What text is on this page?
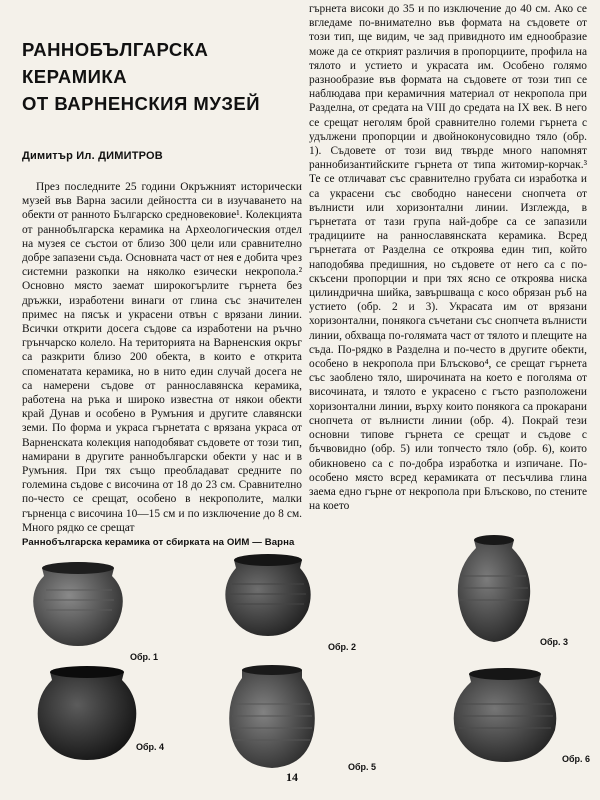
РАННОБЪЛГАРСКА
КЕРАМИКА
ОТ ВАРНЕНСКИЯ МУЗЕЙ
Димитър Ил. ДИМИТРОВ

През последните 25 години Окръжният исторически музей във Варна засили дейността си в изучаването на обекти от ранното Българско средновековие¹. Колекцията от раннобългарска керамика на Археологическия отдел на музея се състои от близо 300 цели или сравнително добре запазени съда. Основната част от нея е добита чрез системни разкопки на няколко езически некропола.² Основно място заемат широкогърлите гърнета без дръжки, изработени винаги от глина със значителен примес на пясък и украсени отвън с врязани линии. Всички открити досега съдове са изработени на ръчно грънчарско колело. На територията на Варненския окръг са разкрити близо 200 обекта, в които е открита споменатата керамика, но в нито един случай досега не са намерени съдове от раннославянска керамика, работена на ръка и широко известна от някои обекти край Дунав и особено в Румъния и другите славянски земи. По форма и украса гърнетата с врязана украса от Варненската колекция наподобяват съдовете от този тип, намирани в другите раннобългарски обекти у нас и в Румъния. При тях също преобладават средните по големина съдове с височина от 18 до 23 см. Сравнително по-често се срещат, особено в некрополите, малки гърненца с височина 10—15 см и по изключение до 8 см. Много рядко се срещат

гърнета високи до 35 и по изключение до 40 см. Ако се вгледаме по-внимателно във формата на съдовете от този тип, ще видим, че зад привидното им еднообразие може да се открият различия в пропорциите, профила на тялото и устието и украсата им. Особено голямо разнообразие във формата на съдовете от този тип се наблюдава при керамичния материал от некропола при Разделна, от средата на VIII до средата на IX век. В него се срещат неголям брой сравнително големи гърнета с удължени пропорции и двойноконусовидно тяло (обр. 1). Съдовете от този вид твърде много напомнят раннобизантийските гърнета от типа житомир-корчак.³ Те се отличават със сравнително грубата си изработка и са украсени със свободно нанесени снопчета от вълнисти или хоризонтални линии. Изглежда, в гърнетата от тази група най-добре са се запазили традициите на раннославянската керамика. Всред гърнетата от Разделна се откроява един тип, който наподобява предишния, но съдовете от него са с по-скъсени пропорции и при тях ясно се откроява ниска цилиндрична шийка, завършваща с косо обрязан ръб на устието (обр. 2 и 3). Украсата им от врязани хоризонтални, понякога съчетани със снопчета вълнисти линии, обхваща по-голямата част от тялото и плещите на съда. По-рядко в Разделна и по-често в другите обекти, особено в некропола при Блъсково⁴, се срещат гърнета със заоблено тяло, широчината на което е поголяма от височината, и тялото е украсено с гъсто разположени хоризонтални линии, върху които понякога са прокарани снопчета от вълнисти линии (обр. 4). Покрай тези основни типове гърнета се срещат и съдове с бъчвовидно (обр. 5) или топчесто тяло (обр. 6), които обикновено са с по-добра изработка и изпичане. По-особено място всред керамиката от песъчлива глина заема едно гърне от некропола при Блъсково, по стените на което

Раннобългарска керамика от сбирката на ОИМ — Варна
Обр. 1
Обр. 2	Обр. 3
Обр. 4
Обр. 5
Обр. 6
14
